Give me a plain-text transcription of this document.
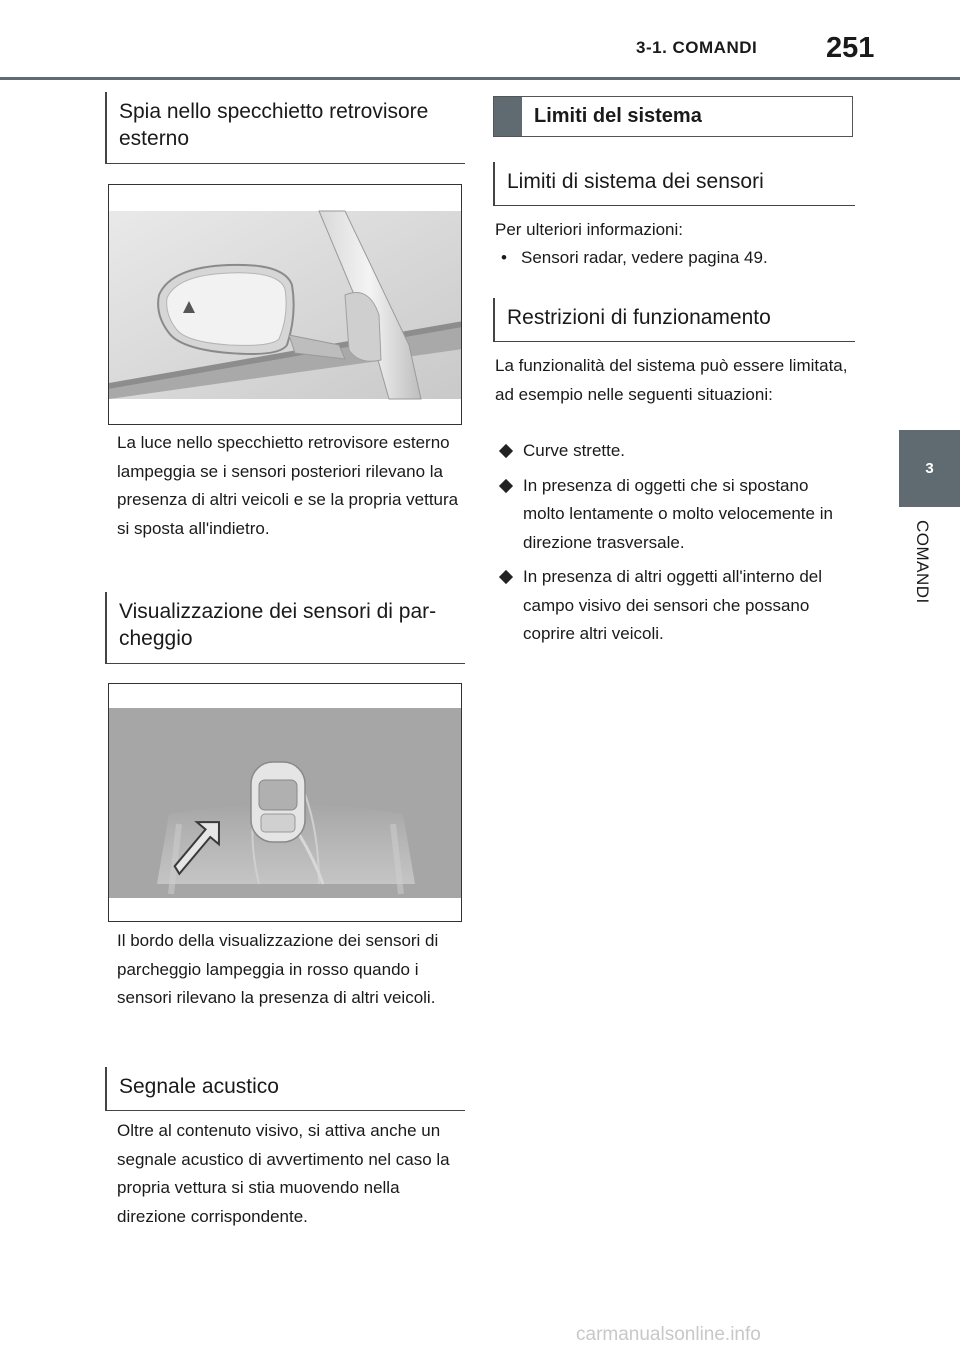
3-1. COMANDI 251
3
COMANDI
Spia nello specchietto retrovisore esterno
La luce nello specchietto retrovisore esterno lampeggia se i sensori posteriori rilevano la presenza di altri veicoli e se la propria vettura si sposta all'indietro.
Visualizzazione dei sensori di parcheggio
Il bordo della visualizzazione dei sensori di parcheggio lampeggia in rosso quando i sensori rilevano la presenza di altri veicoli.
Segnale acustico
Oltre al contenuto visivo, si attiva anche un segnale acustico di avvertimento nel caso la propria vettura si stia muovendo nella direzione corrispondente.
Limiti del sistema
Limiti di sistema dei sensori
Per ulteriori informazioni:
• Sensori radar, vedere pagina 49.
Restrizioni di funzionamento
La funzionalità del sistema può essere limitata, ad esempio nelle seguenti situazioni:
Curve strette.
In presenza di oggetti che si spostano molto lentamente o molto velocemente in direzione trasversale.
In presenza di altri oggetti all'interno del campo visivo dei sensori che possano coprire altri veicoli.
carmanualsonline.info
